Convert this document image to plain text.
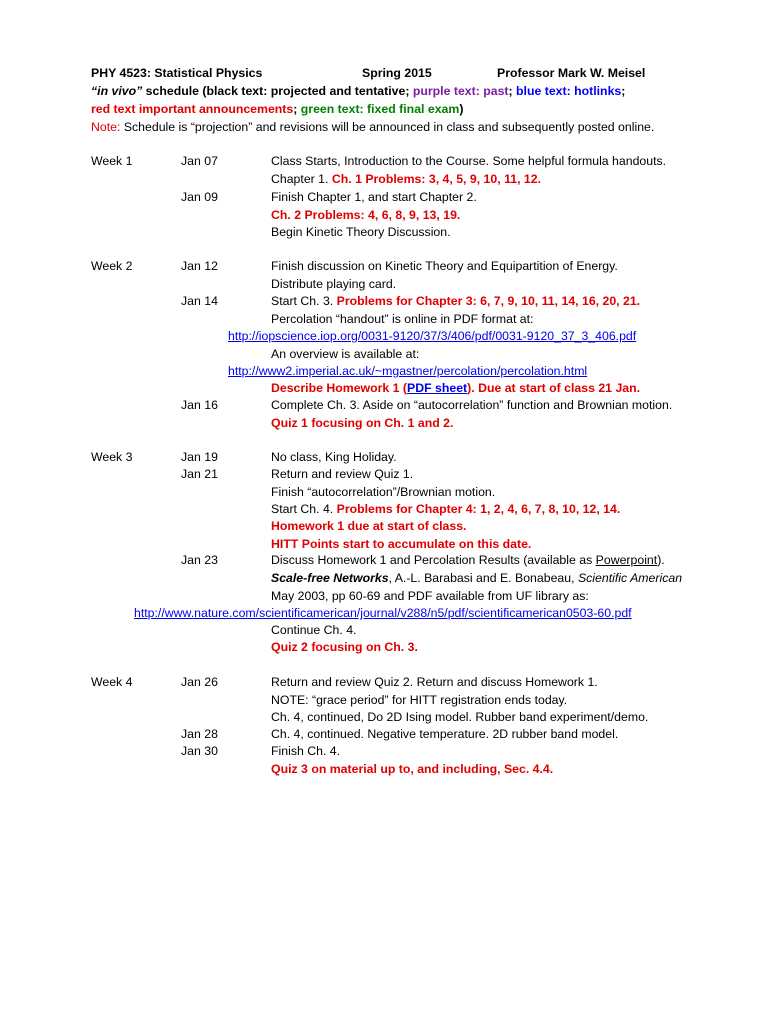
PHY 4523: Statistical Physics	Spring 2015	Professor Mark W. Meisel
“in vivo” schedule (black text: projected and tentative; purple text: past; blue text: hotlinks;
red text important announcements; green text: fixed final exam)
Note: Schedule is “projection” and revisions will be announced in class and subsequently posted online.
Week 1	Jan 07	Class Starts, Introduction to the Course. Some helpful formula handouts.
Chapter 1. Ch. 1 Problems: 3, 4, 5, 9, 10, 11, 12.
Jan 09	Finish Chapter 1, and start Chapter 2.
Ch. 2 Problems: 4, 6, 8, 9, 13, 19.
Begin Kinetic Theory Discussion.
Week 2	Jan 12	Finish discussion on Kinetic Theory and Equipartition of Energy.
Distribute playing card.
Jan 14	Start Ch. 3. Problems for Chapter 3: 6, 7, 9, 10, 11, 14, 16, 20, 21.
Percolation “handout” is online in PDF format at:
http://iopscience.iop.org/0031-9120/37/3/406/pdf/0031-9120_37_3_406.pdf
An overview is available at:
http://www2.imperial.ac.uk/~mgastner/percolation/percolation.html
Describe Homework 1 (PDF sheet). Due at start of class 21 Jan.
Jan 16	Complete Ch. 3. Aside on “autocorrelation” function and Brownian motion.
Quiz 1 focusing on Ch. 1 and 2.
Week 3	Jan 19	No class, King Holiday.
Jan 21	Return and review Quiz 1.
Finish “autocorrelation”/Brownian motion.
Start Ch. 4. Problems for Chapter 4: 1, 2, 4, 6, 7, 8, 10, 12, 14.
Homework 1 due at start of class.
HITT Points start to accumulate on this date.
Jan 23	Discuss Homework 1 and Percolation Results (available as Powerpoint).
Scale-free Networks, A.-L. Barabasi and E. Bonabeau, Scientific American
May 2003, pp 60-69 and PDF available from UF library as:
http://www.nature.com/scientificamerican/journal/v288/n5/pdf/scientificamerican0503-60.pdf
Continue Ch. 4.
Quiz 2 focusing on Ch. 3.
Week 4	Jan 26	Return and review Quiz 2. Return and discuss Homework 1.
NOTE: “grace period” for HITT registration ends today.
Ch. 4, continued, Do 2D Ising model. Rubber band experiment/demo.
Jan 28	Ch. 4, continued. Negative temperature. 2D rubber band model.
Jan 30	Finish Ch. 4.
Quiz 3 on material up to, and including, Sec. 4.4.
